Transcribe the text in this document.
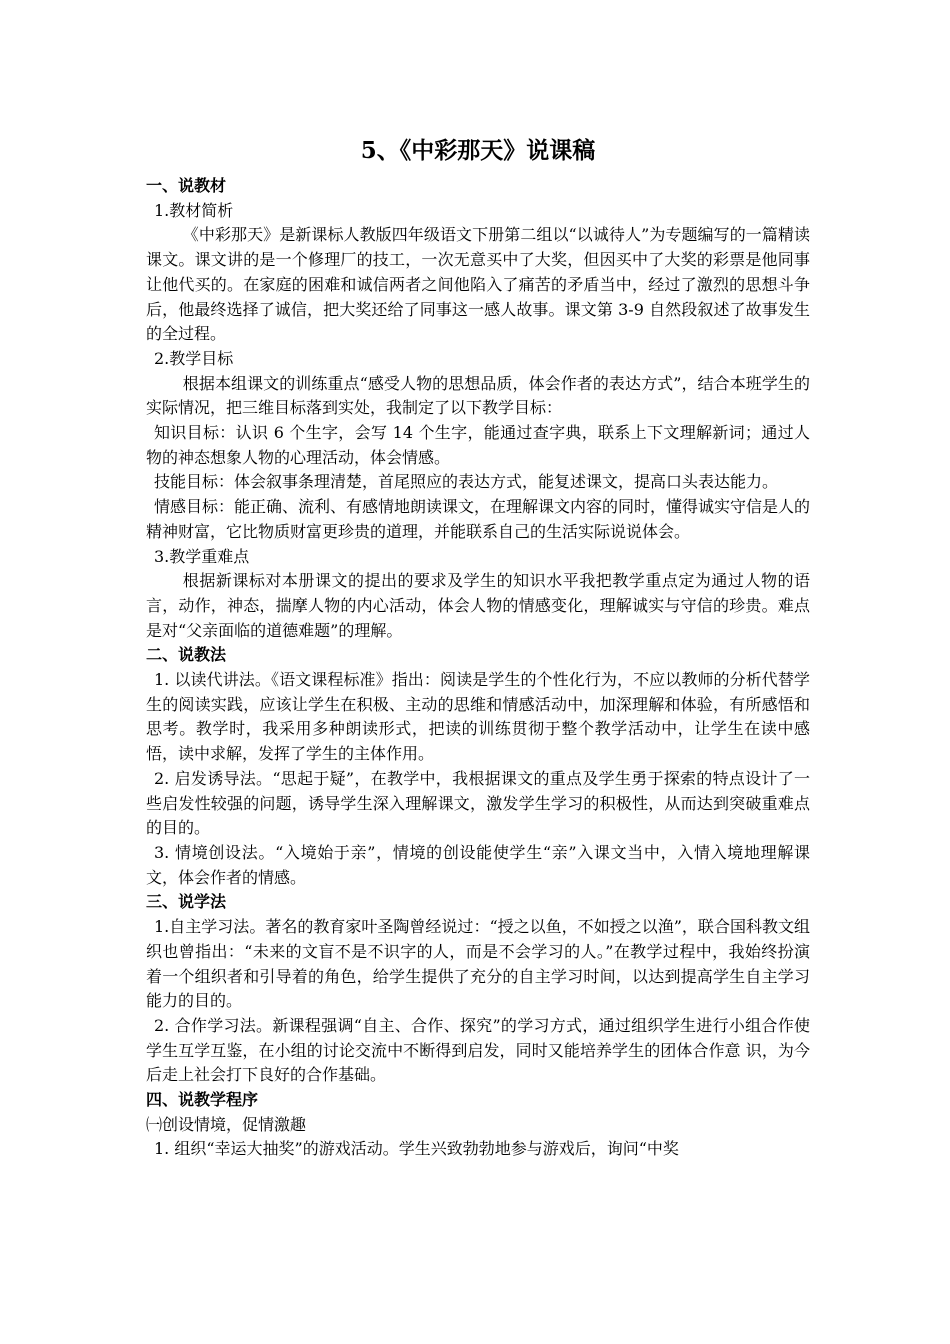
5、《中彩那天》说课稿
一、说教材
1.教材简析
《中彩那天》是新课标人教版四年级语文下册第二组以“以诚待人”为专题编写的一篇精读课文。课文讲的是一个修理厂的技工，一次无意买中了大奖，但因买中了大奖的彩票是他同事让他代买的。在家庭的困难和诚信两者之间他陷入了痛苦的矛盾当中，经过了激烈的思想斗争后，他最终选择了诚信，把大奖还给了同事这一感人故事。课文第 3-9 自然段叙述了故事发生的全过程。
2.教学目标
根据本组课文的训练重点“感受人物的思想品质，体会作者的表达方式”，结合本班学生的实际情况，把三维目标落到实处，我制定了以下教学目标：
知识目标：认识 6 个生字，会写 14 个生字，能通过查字典，联系上下文理解新词；通过人物的神态想象人物的心理活动，体会情感。
技能目标：体会叙事条理清楚，首尾照应的表达方式，能复述课文，提高口头表达能力。
情感目标：能正确、流利、有感情地朗读课文，在理解课文内容的同时，懂得诚实守信是人的精神财富，它比物质财富更珍贵的道理，并能联系自己的生活实际说说体会。
3.教学重难点
根据新课标对本册课文的提出的要求及学生的知识水平我把教学重点定为通过人物的语言，动作，神态，揣摩人物的内心活动，体会人物的情感变化，理解诚实与守信的珍贵。难点是对“父亲面临的道德难题”的理解。
二、说教法
1. 以读代讲法。《语文课程标准》指出：阅读是学生的个性化行为，不应以教师的分析代替学生的阅读实践，应该让学生在积极、主动的思维和情感活动中，加深理解和体验，有所感悟和思考。教学时，我采用多种朗读形式，把读的训练贯彻于整个教学活动中，让学生在读中感悟，读中求解，发挥了学生的主体作用。
2. 启发诱导法。“思起于疑”，在教学中，我根据课文的重点及学生勇于探索的特点设计了一些启发性较强的问题，诱导学生深入理解课文，激发学生学习的积极性，从而达到突破重难点的目的。
3. 情境创设法。“入境始于亲”，情境的创设能使学生“亲”入课文当中，入情入境地理解课文，体会作者的情感。
三、说学法
1.自主学习法。著名的教育家叶圣陶曾经说过：“授之以鱼，不如授之以渔”，联合国科教文组织也曾指出：“未来的文盲不是不识字的人，而是不会学习的人。”在教学过程中，我始终扮演着一个组织者和引导着的角色，给学生提供了充分的自主学习时间，以达到提高学生自主学习能力的目的。
2. 合作学习法。新课程强调“自主、合作、探究”的学习方式，通过组织学生进行小组合作使学生互学互鉴，在小组的讨论交流中不断得到启发，同时又能培养学生的团体合作意 识，为今后走上社会打下良好的合作基础。
四、说教学程序
㈠创设情境，促情激趣
1. 组织“幸运大抽奖”的游戏活动。学生兴致勃勃地参与游戏后，询问“中奖
